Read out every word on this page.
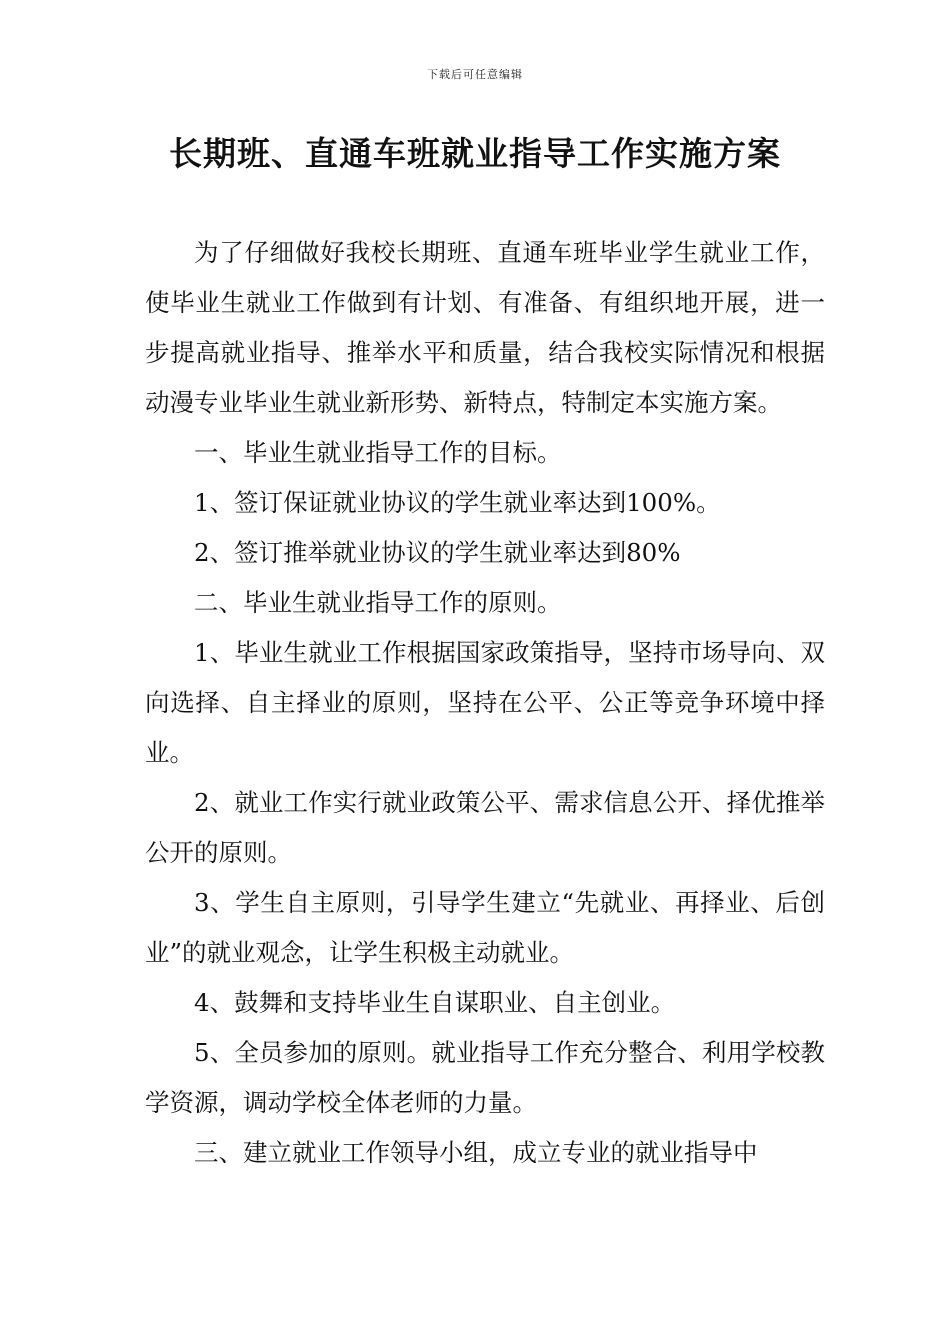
下载后可任意编辑
长期班、直通车班就业指导工作实施方案

为了仔细做好我校长期班、直通车班毕业学生就业工作，使毕业生就业工作做到有计划、有准备、有组织地开展，进一步提高就业指导、推举水平和质量，结合我校实际情况和根据动漫专业毕业生就业新形势、新特点，特制定本实施方案。

一、毕业生就业指导工作的目标。

1、签订保证就业协议的学生就业率达到100%。

2、签订推举就业协议的学生就业率达到80%

二、毕业生就业指导工作的原则。

1、毕业生就业工作根据国家政策指导，坚持市场导向、双向选择、自主择业的原则，坚持在公平、公正等竞争环境中择业。

2、就业工作实行就业政策公平、需求信息公开、择优推举公开的原则。

3、学生自主原则，引导学生建立“先就业、再择业、后创业”的就业观念，让学生积极主动就业。

4、鼓舞和支持毕业生自谋职业、自主创业。

5、全员参加的原则。就业指导工作充分整合、利用学校教学资源，调动学校全体老师的力量。

三、建立就业工作领导小组，成立专业的就业指导中
